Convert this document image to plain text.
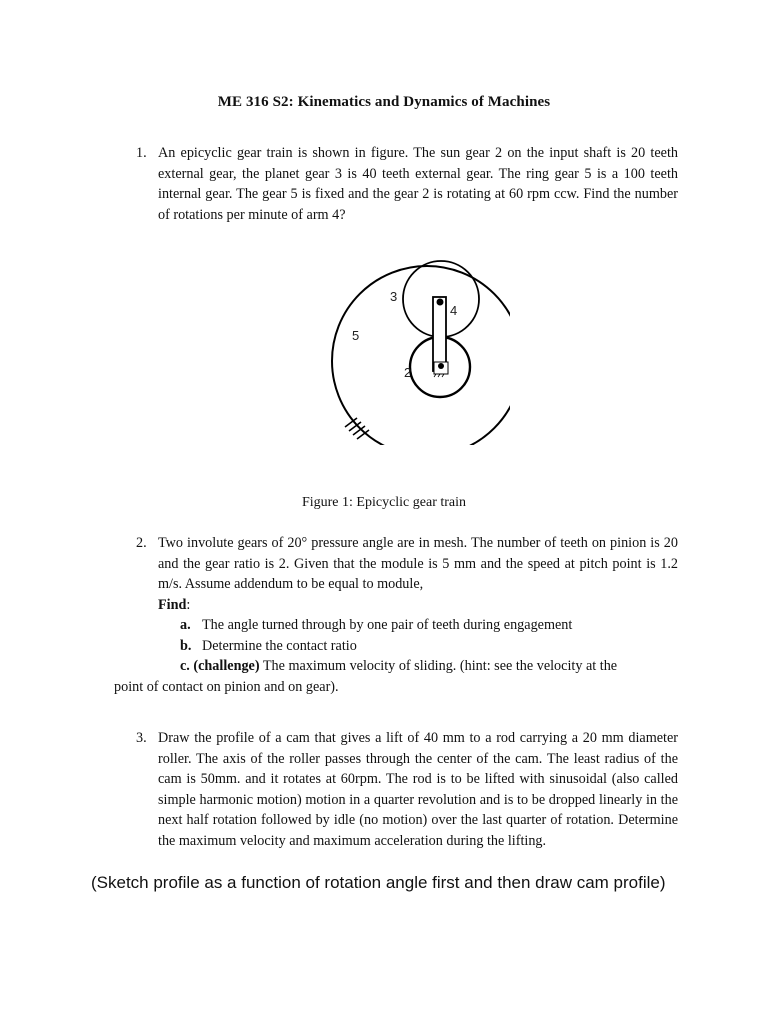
ME 316 S2: Kinematics and Dynamics of Machines
1. An epicyclic gear train is shown in figure. The sun gear 2 on the input shaft is 20 teeth external gear, the planet gear 3 is 40 teeth external gear. The ring gear 5 is a 100 teeth internal gear. The gear 5 is fixed and the gear 2 is rotating at 60 rpm ccw. Find the number of rotations per minute of arm 4?
5
3
4
2
Figure 1: Epicyclic gear train
2. Two involute gears of 20° pressure angle are in mesh. The number of teeth on pinion is 20 and the gear ratio is 2. Given that the module is 5 mm and the speed at pitch point is 1.2 m/s. Assume addendum to be equal to module,
Find:
a. The angle turned through by one pair of teeth during engagement
b. Determine the contact ratio
c. (challenge) The maximum velocity of sliding. (hint: see the velocity at the
point of contact on pinion and on gear).
3. Draw the profile of a cam that gives a lift of 40 mm to a rod carrying a 20 mm diameter roller. The axis of the roller passes through the center of the cam. The least radius of the cam is 50mm. and it rotates at 60rpm. The rod is to be lifted with sinusoidal (also called simple harmonic motion) motion in a quarter revolution and is to be dropped linearly in the next half rotation followed by idle (no motion) over the last quarter of rotation. Determine the maximum velocity and maximum acceleration during the lifting.
(Sketch profile as a function of rotation angle first and then draw cam profile)
